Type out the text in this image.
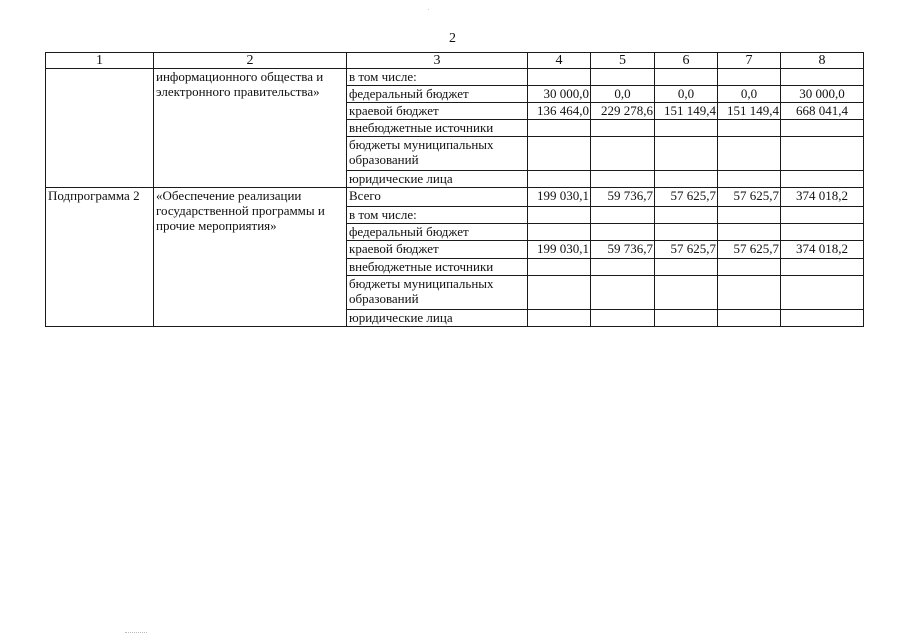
2
1	2	3	4	5	6	7	8
	информационного общества и электронного правительства»	в том числе:					
		федеральный бюджет	30 000,0	0,0	0,0	0,0	30 000,0
		краевой бюджет	136 464,0	229 278,6	151 149,4	151 149,4	668 041,4
		внебюджетные источники					
		бюджеты муниципальных образований					
		юридические лица					
Подпрограмма 2	«Обеспечение реализации государственной программы и прочие мероприятия»	Всего	199 030,1	59 736,7	57 625,7	57 625,7	374 018,2
		в том числе:					
		федеральный бюджет					
		краевой бюджет	199 030,1	59 736,7	57 625,7	57 625,7	374 018,2
		внебюджетные источники					
		бюджеты муниципальных образований					
		юридические лица					
